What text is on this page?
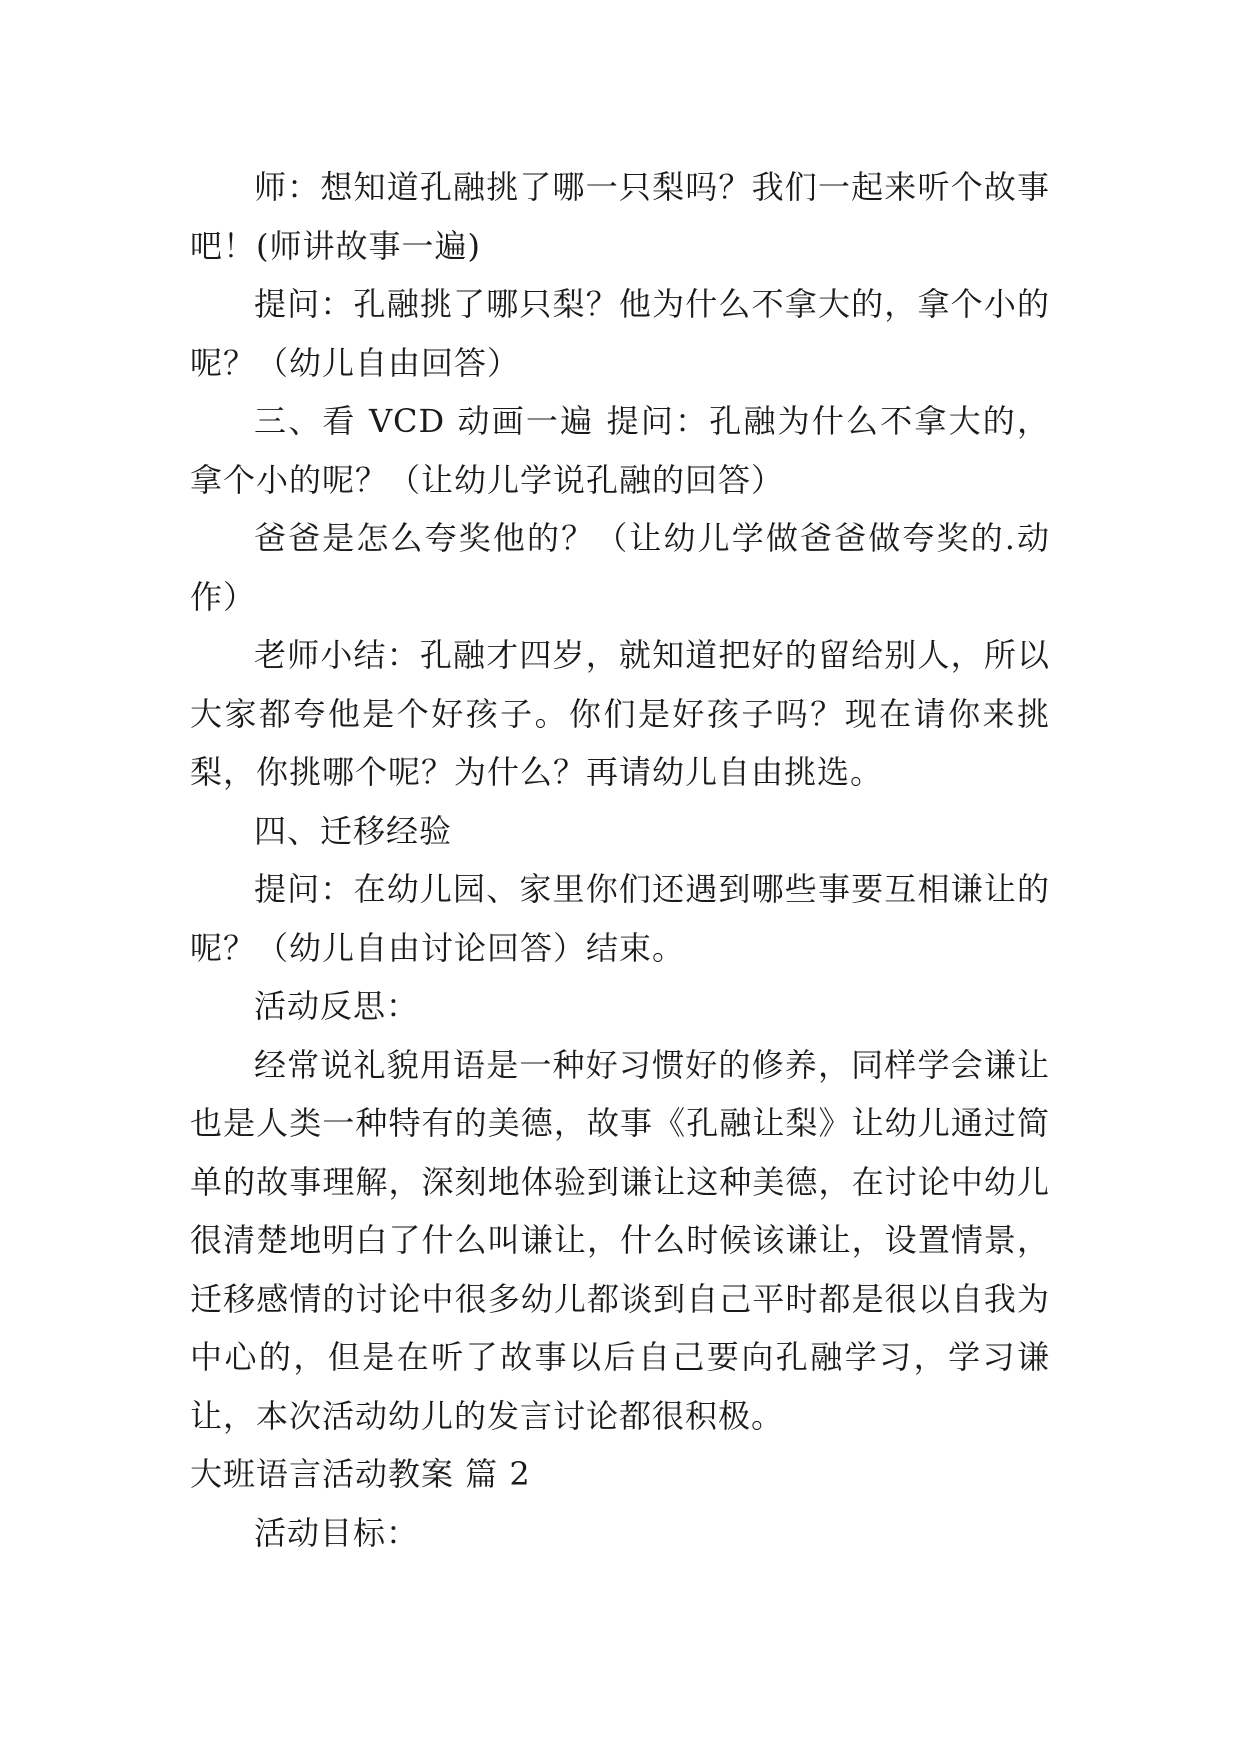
师：想知道孔融挑了哪一只梨吗？我们一起来听个故事吧！(师讲故事一遍)

提问：孔融挑了哪只梨？他为什么不拿大的，拿个小的呢？（幼儿自由回答）

三、看 VCD 动画一遍 提问：孔融为什么不拿大的，拿个小的呢？（让幼儿学说孔融的回答）

爸爸是怎么夸奖他的？（让幼儿学做爸爸做夸奖的.动作）

老师小结：孔融才四岁，就知道把好的留给别人，所以大家都夸他是个好孩子。你们是好孩子吗？现在请你来挑梨，你挑哪个呢？为什么？再请幼儿自由挑选。

四、迁移经验

提问：在幼儿园、家里你们还遇到哪些事要互相谦让的呢？（幼儿自由讨论回答）结束。

活动反思：

经常说礼貌用语是一种好习惯好的修养，同样学会谦让也是人类一种特有的美德，故事《孔融让梨》让幼儿通过简单的故事理解，深刻地体验到谦让这种美德，在讨论中幼儿很清楚地明白了什么叫谦让，什么时候该谦让，设置情景，迁移感情的讨论中很多幼儿都谈到自己平时都是很以自我为中心的，但是在听了故事以后自己要向孔融学习，学习谦让，本次活动幼儿的发言讨论都很积极。

大班语言活动教案 篇 2

活动目标：
